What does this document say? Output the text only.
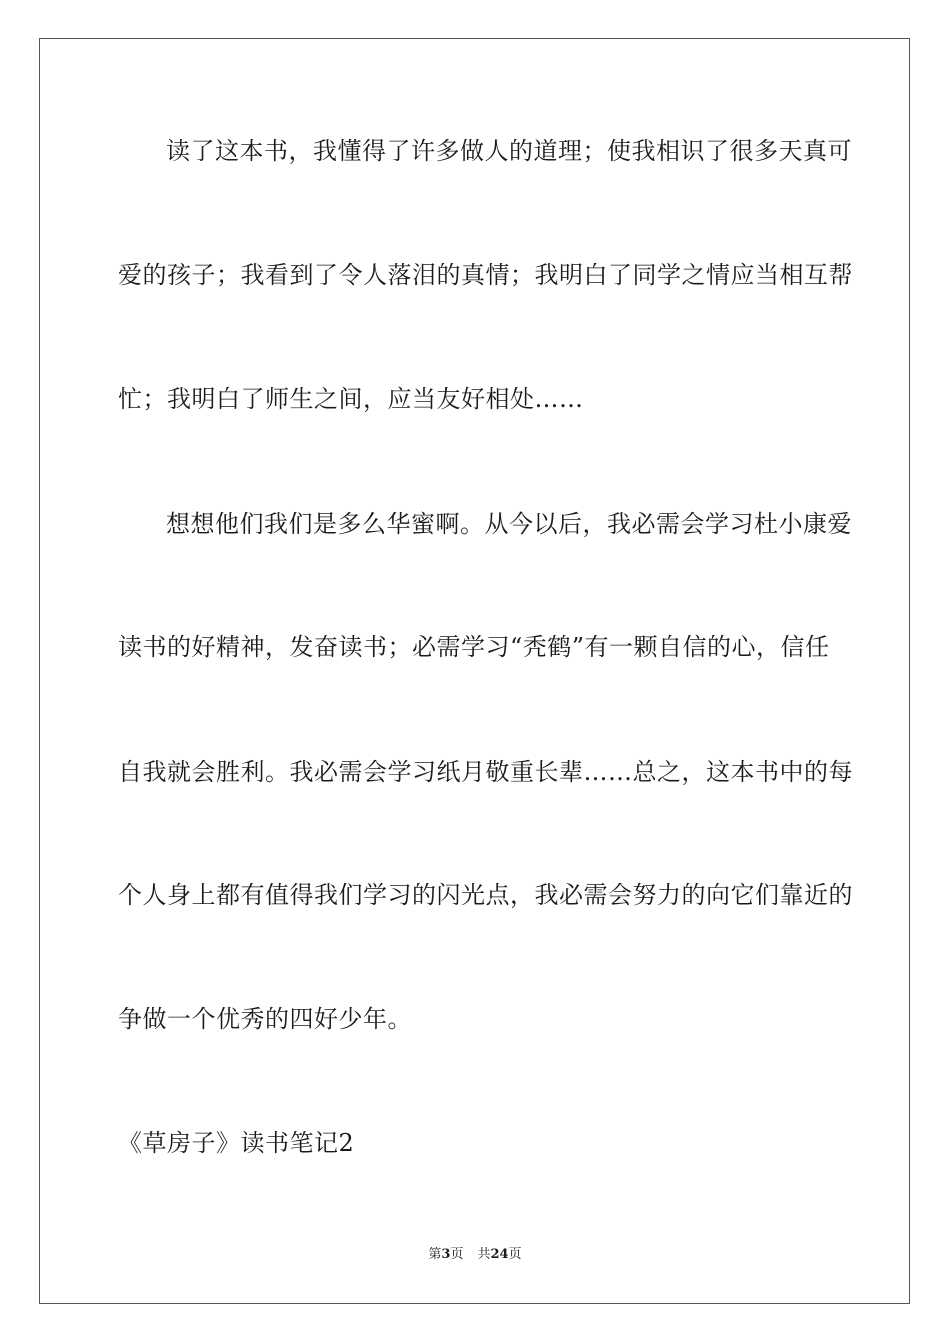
读了这本书，我懂得了许多做人的道理；使我相识了很多天真可
爱的孩子；我看到了令人落泪的真情；我明白了同学之情应当相互帮
忙；我明白了师生之间，应当友好相处……
想想他们我们是多么华蜜啊。从今以后，我必需会学习杜小康爱
读书的好精神，发奋读书；必需学习“秃鹤”有一颗自信的心，信任
自我就会胜利。我必需会学习纸月敬重长辈……总之，这本书中的每
个人身上都有值得我们学习的闪光点，我必需会努力的向它们靠近的
争做一个优秀的四好少年。
《草房子》读书笔记2
第3页 共24页
